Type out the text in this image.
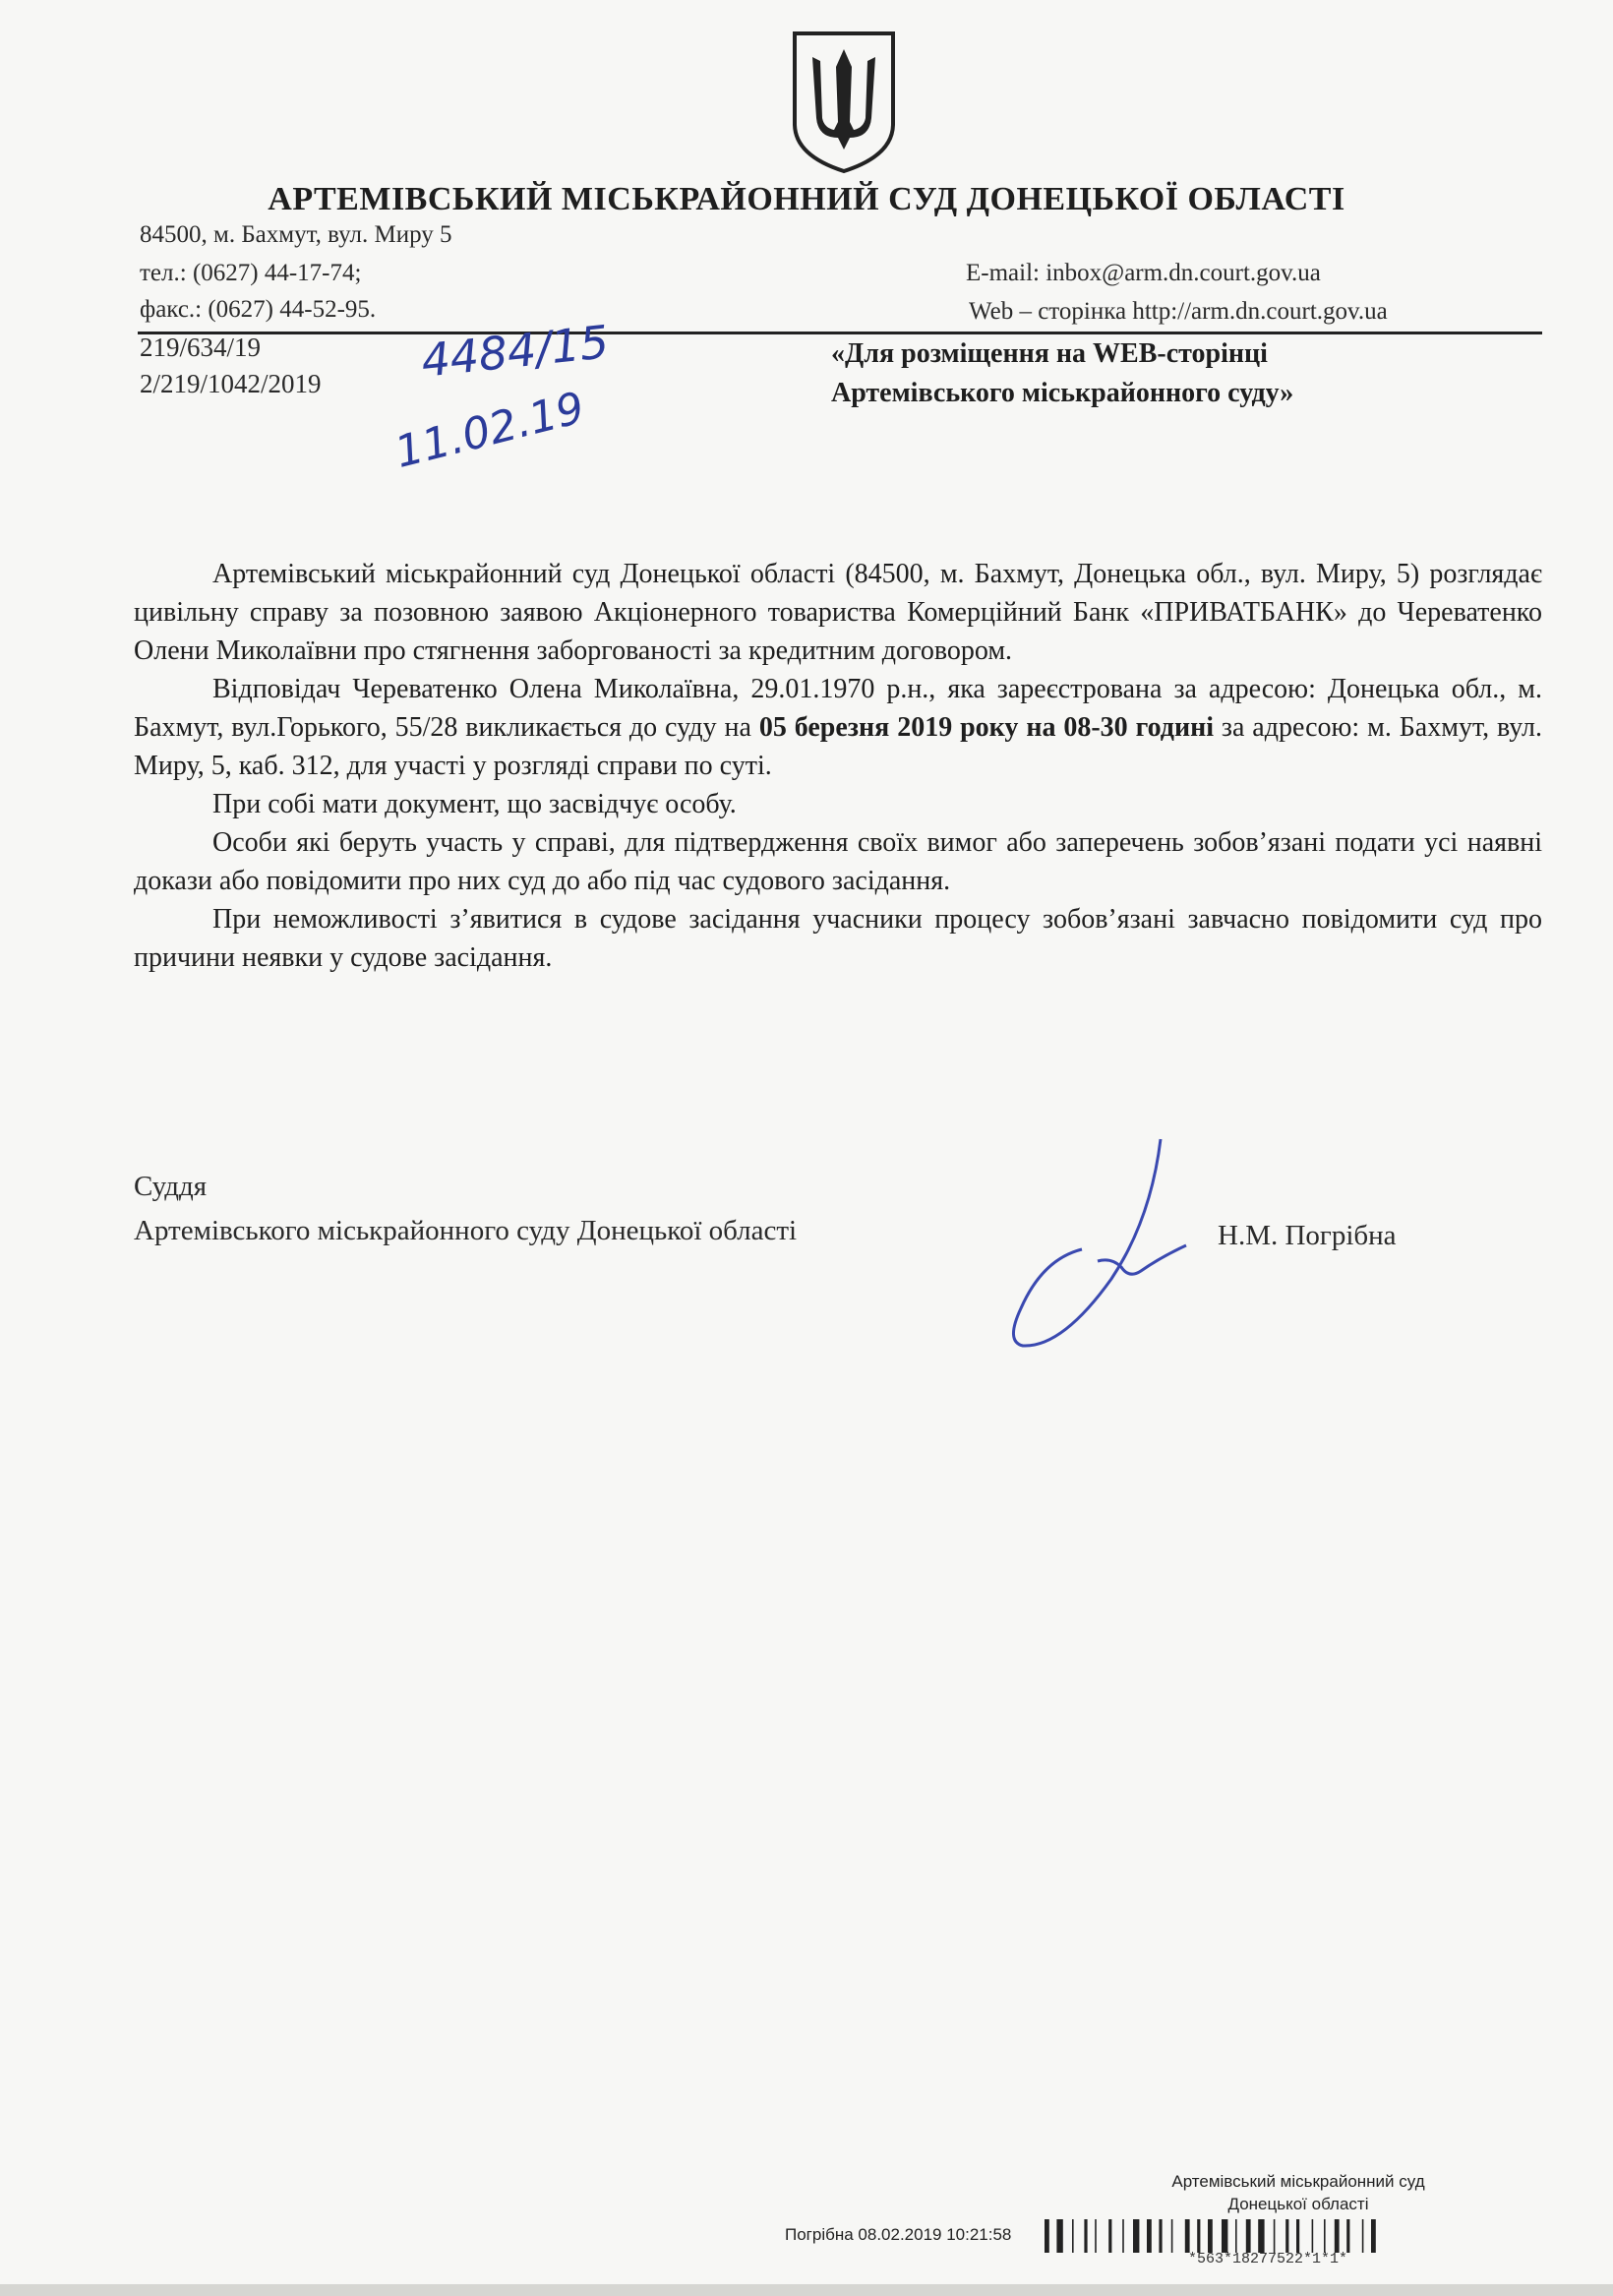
АРТЕМІВСЬКИЙ МІСЬКРАЙОННИЙ СУД ДОНЕЦЬКОЇ ОБЛАСТІ
84500, м. Бахмут, вул. Миру 5
тел.: (0627) 44-17-74;
факс.: (0627) 44-52-95.
E-mail: inbox@arm.dn.court.gov.ua
Web – сторінка http://arm.dn.court.gov.ua
219/634/19
2/219/1042/2019 4484/15
11.02.19
«Для розміщення на WEB-сторінці
Артемівського міськрайонного суду»

Артемівський міськрайонний суд Донецької області (84500, м. Бахмут, Донецька обл., вул. Миру, 5) розглядає цивільну справу за позовною заявою Акціонерного товариства Комерційний Банк «ПРИВАТБАНК» до Череватенко Олени Миколаївни про стягнення заборгованості за кредитним договором.

Відповідач Череватенко Олена Миколаївна, 29.01.1970 р.н., яка зареєстрована за адресою: Донецька обл., м. Бахмут, вул.Горького, 55/28 викликається до суду на 05 березня 2019 року на 08-30 годині за адресою: м. Бахмут, вул. Миру, 5, каб. 312, для участі у розгляді справи по суті.

При собі мати документ, що засвідчує особу.

Особи які беруть участь у справі, для підтвердження своїх вимог або заперечень зобов’язані подати усі наявні докази або повідомити про них суд до або під час судового засідання.

При неможливості з’явитися в судове засідання учасники процесу зобов’язані завчасно повідомити суд про причини неявки у судове засідання.

Суддя
Артемівського міськрайонного суду Донецької області	Н.М. Погрібна
Артемівський міськрайонний суд
Донецької області
Погрібна 08.02.2019 10:21:58
*563*18277522*1*1*
